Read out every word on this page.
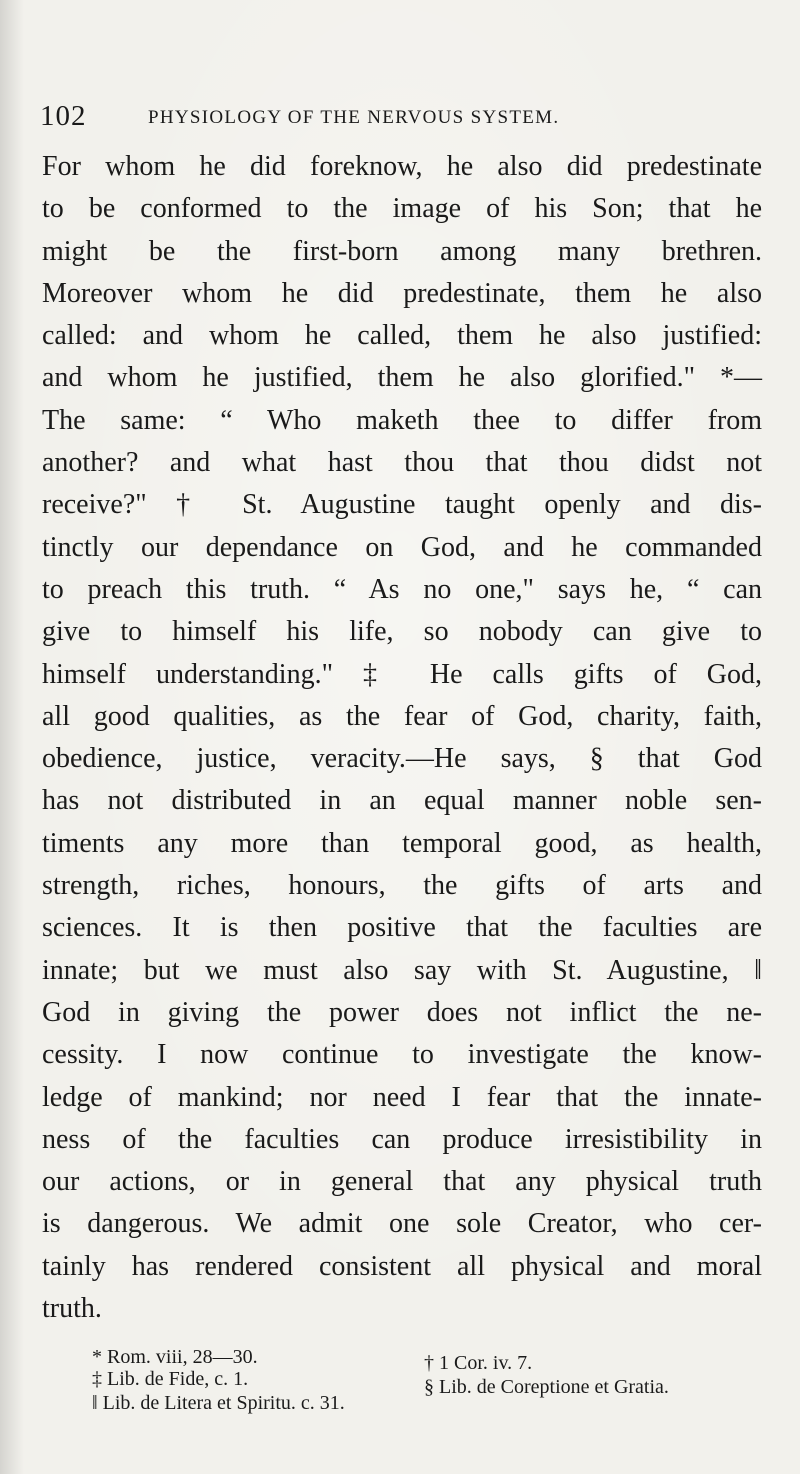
102	PHYSIOLOGY OF THE NERVOUS SYSTEM.
For whom he did foreknow, he also did predestinate
to be conformed to the image of his Son; that he
might be the first-born among many brethren.
Moreover whom he did predestinate, them he also
called: and whom he called, them he also justified:
and whom he justified, them he also glorified." *—
The same: “ Who maketh thee to differ from
another? and what hast thou that thou didst not
receive?" † St. Augustine taught openly and dis-
tinctly our dependance on God, and he commanded
to preach this truth. “ As no one," says he, “ can
give to himself his life, so nobody can give to
himself understanding." ‡ He calls gifts of God,
all good qualities, as the fear of God, charity, faith,
obedience, justice, veracity.—He says, § that God
has not distributed in an equal manner noble sen-
timents any more than temporal good, as health,
strength, riches, honours, the gifts of arts and
sciences. It is then positive that the faculties are
innate; but we must also say with St. Augustine, ‖
God in giving the power does not inflict the ne-
cessity. I now continue to investigate the know-
ledge of mankind; nor need I fear that the innate-
ness of the faculties can produce irresistibility in
our actions, or in general that any physical truth
is dangerous. We admit one sole Creator, who cer-
tainly has rendered consistent all physical and moral
truth.
* Rom. viii, 28—30.	† 1 Cor. iv. 7.
‡ Lib. de Fide, c. 1.	§ Lib. de Coreptione et Gratia.
‖ Lib. de Litera et Spiritu. c. 31.
